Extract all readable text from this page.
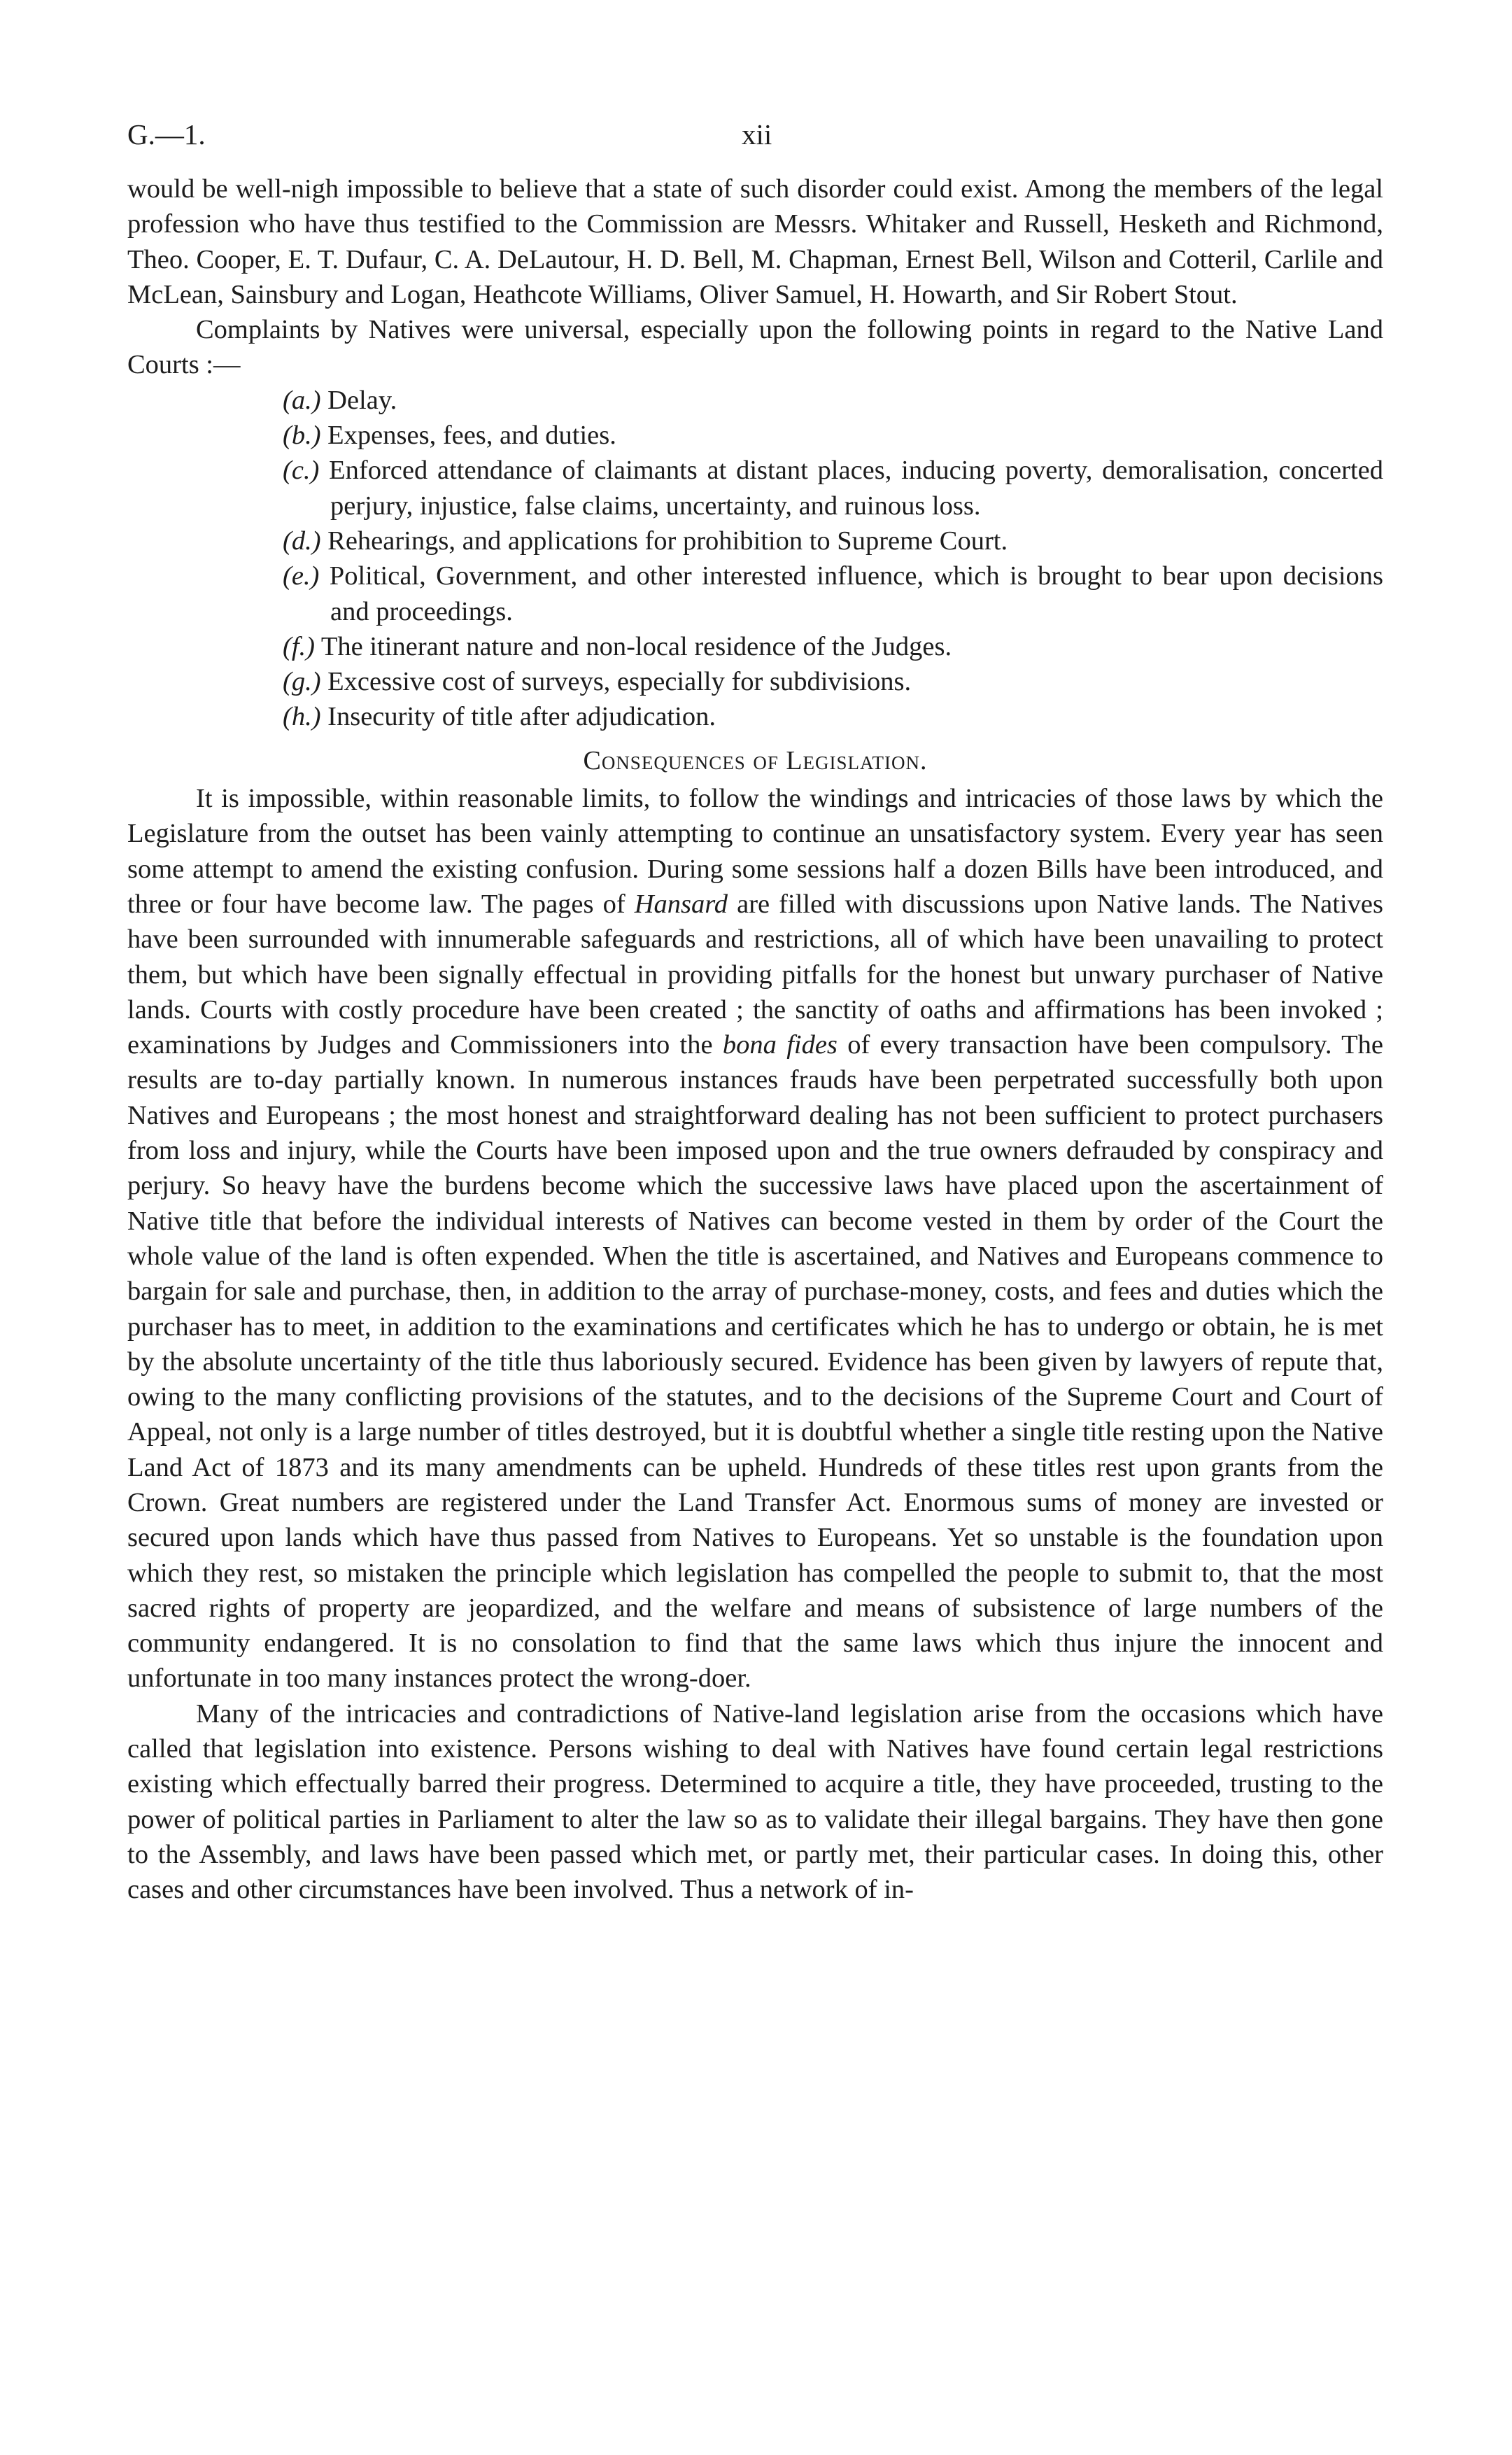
G.—1.	xii

would be well-nigh impossible to believe that a state of such disorder could exist. Among the members of the legal profession who have thus testified to the Commission are Messrs. Whitaker and Russell, Hesketh and Richmond, Theo. Cooper, E. T. Dufaur, C. A. DeLautour, H. D. Bell, M. Chapman, Ernest Bell, Wilson and Cotteril, Carlile and McLean, Sainsbury and Logan, Heathcote Williams, Oliver Samuel, H. Howarth, and Sir Robert Stout.

Complaints by Natives were universal, especially upon the following points in regard to the Native Land Courts :—

(a.) Delay.
(b.) Expenses, fees, and duties.
(c.) Enforced attendance of claimants at distant places, inducing poverty, demoralisation, concerted perjury, injustice, false claims, uncertainty, and ruinous loss.
(d.) Rehearings, and applications for prohibition to Supreme Court.
(e.) Political, Government, and other interested influence, which is brought to bear upon decisions and proceedings.
(f.) The itinerant nature and non-local residence of the Judges.
(g.) Excessive cost of surveys, especially for subdivisions.
(h.) Insecurity of title after adjudication.
Consequences of Legislation.

It is impossible, within reasonable limits, to follow the windings and intricacies of those laws by which the Legislature from the outset has been vainly attempting to continue an unsatisfactory system. Every year has seen some attempt to amend the existing confusion. During some sessions half a dozen Bills have been introduced, and three or four have become law. The pages of Hansard are filled with discussions upon Native lands. The Natives have been surrounded with innumerable safeguards and restrictions, all of which have been unavailing to protect them, but which have been signally effectual in providing pitfalls for the honest but unwary purchaser of Native lands. Courts with costly procedure have been created ; the sanctity of oaths and affirmations has been invoked ; examinations by Judges and Commissioners into the bona fides of every transaction have been compulsory. The results are to-day partially known. In numerous instances frauds have been perpetrated successfully both upon Natives and Europeans ; the most honest and straightforward dealing has not been sufficient to protect purchasers from loss and injury, while the Courts have been imposed upon and the true owners defrauded by conspiracy and perjury. So heavy have the burdens become which the successive laws have placed upon the ascertainment of Native title that before the individual interests of Natives can become vested in them by order of the Court the whole value of the land is often expended. When the title is ascertained, and Natives and Europeans commence to bargain for sale and purchase, then, in addition to the array of purchase-money, costs, and fees and duties which the purchaser has to meet, in addition to the examinations and certificates which he has to undergo or obtain, he is met by the absolute uncertainty of the title thus laboriously secured. Evidence has been given by lawyers of repute that, owing to the many conflicting provisions of the statutes, and to the decisions of the Supreme Court and Court of Appeal, not only is a large number of titles destroyed, but it is doubtful whether a single title resting upon the Native Land Act of 1873 and its many amendments can be upheld. Hundreds of these titles rest upon grants from the Crown. Great numbers are registered under the Land Transfer Act. Enormous sums of money are invested or secured upon lands which have thus passed from Natives to Europeans. Yet so unstable is the foundation upon which they rest, so mistaken the principle which legislation has compelled the people to submit to, that the most sacred rights of property are jeopardized, and the welfare and means of subsistence of large numbers of the community endangered. It is no consolation to find that the same laws which thus injure the innocent and unfortunate in too many instances protect the wrong-doer.

Many of the intricacies and contradictions of Native-land legislation arise from the occasions which have called that legislation into existence. Persons wishing to deal with Natives have found certain legal restrictions existing which effectually barred their progress. Determined to acquire a title, they have proceeded, trusting to the power of political parties in Parliament to alter the law so as to validate their illegal bargains. They have then gone to the Assembly, and laws have been passed which met, or partly met, their particular cases. In doing this, other cases and other circumstances have been involved. Thus a network of in-
